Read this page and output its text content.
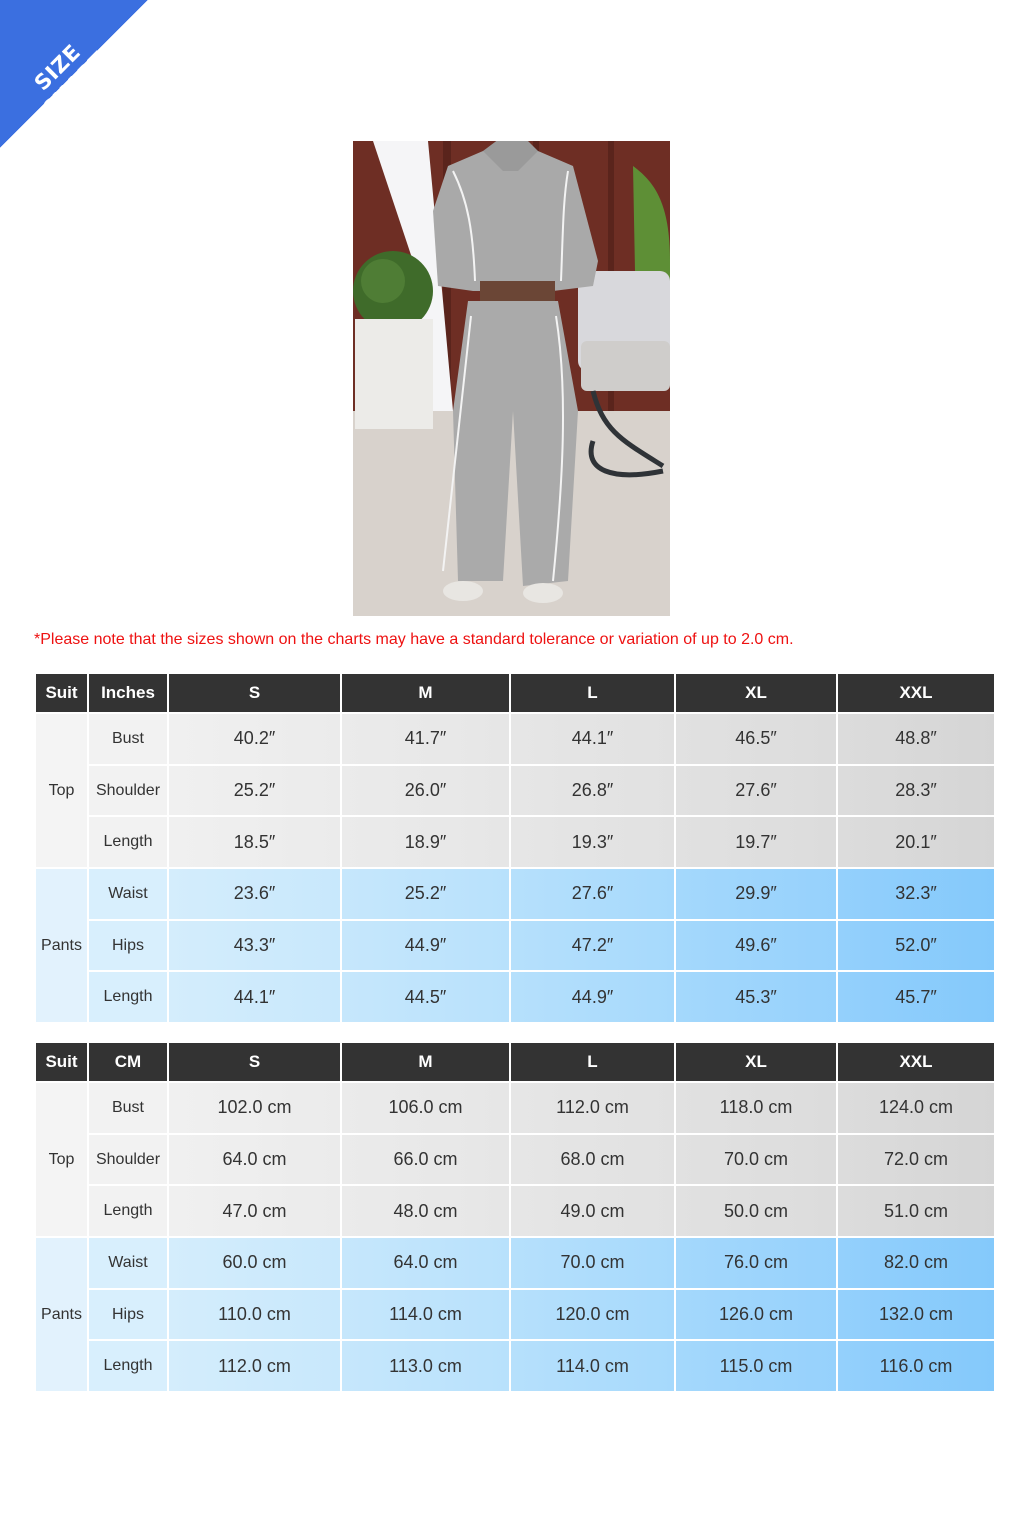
SIZE CHART
*Please note that the sizes shown on the charts may have a standard tolerance or variation of up to 2.0 cm.
Suit	Inches	S	M	L	XL	XXL
Top	Bust	40.2″	41.7″	44.1″	46.5″	48.8″
	Shoulder	25.2″	26.0″	26.8″	27.6″	28.3″
	Length	18.5″	18.9″	19.3″	19.7″	20.1″
Pants	Waist	23.6″	25.2″	27.6″	29.9″	32.3″
	Hips	43.3″	44.9″	47.2″	49.6″	52.0″
	Length	44.1″	44.5″	44.9″	45.3″	45.7″
Suit	CM	S	M	L	XL	XXL
Top	Bust	102.0 cm	106.0 cm	112.0 cm	118.0 cm	124.0 cm
	Shoulder	64.0 cm	66.0 cm	68.0 cm	70.0 cm	72.0 cm
	Length	47.0 cm	48.0 cm	49.0 cm	50.0 cm	51.0 cm
Pants	Waist	60.0 cm	64.0 cm	70.0 cm	76.0 cm	82.0 cm
	Hips	110.0 cm	114.0 cm	120.0 cm	126.0 cm	132.0 cm
	Length	112.0 cm	113.0 cm	114.0 cm	115.0 cm	116.0 cm
